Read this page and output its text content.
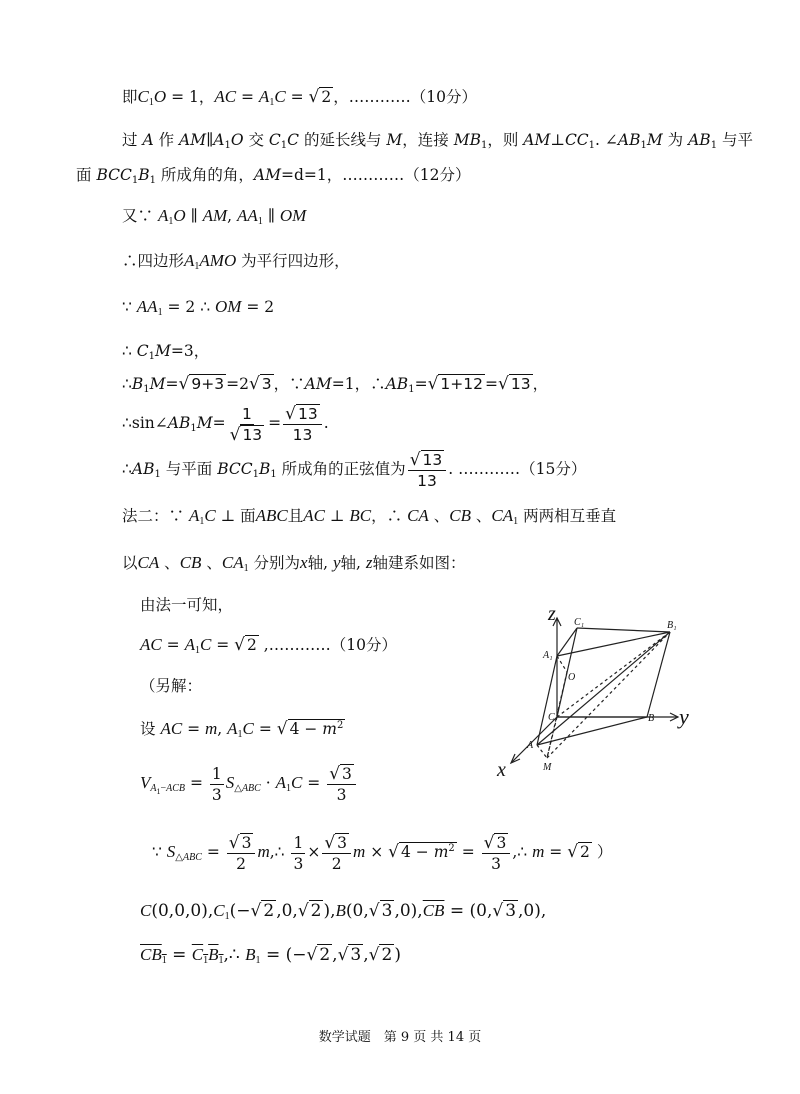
即$C_1O = 1$，AC = $A_1C$ = √ 2 ，…………（10分）
过 A 作 $AM\parallel A_1O$ 交 $C_1C$ 的延长线与 M，连接 $MB_1$，则 $AM\perp CC_1$. $\angle AB_1M$ 为 $AB_1$ 与平
面 $BCC_1B_1$ 所成角的角，AM=d=1，…………（12分）
又∵ $A_1O$ ∥ AM, $AA_1$ ∥ OM
∴四边形$A_1AMO$ 为平行四边形，
∵ $AA_1 = 2$ ∴ OM = 2
∴ $C_1M=3$，
$\therefore B_1M=√$ 9+3 =2√ 3 ，∵AM=1，$\therefore AB_1=√$ 1+12 =√ 13 ，
$\therefore\sin\angle AB_1M= \frac{1}{√ 13} = \frac{√ 13}{13}$ .
$\therefore AB_1$ 与平面 $BCC_1B_1$ 所成角的正弦值为 $\frac{√ 13}{13}$ . …………（15分）
法二：∵ $A_1C$ ⊥ 面ABC且AC ⊥ BC，∴ CA 、CB 、$CA_1$ 两两相互垂直
以CA 、CB 、$CA_1$ 分别为x轴, y轴, z轴建系如图：
由法一可知，
AC = $A_1C$ = √ 2 ,…………（10分）
（另解：
设 AC = m, $A_1C$ = √ $4 - m^2$
$V_{A_1-ACB} = \frac{1}{3} S_{\triangle ABC} \cdot A_1C = \frac{√ 3}{3}$
∵ $S_{\triangle ABC} = \frac{√ 3}{2}$ m,∴ $\frac{1}{3} \times \frac{√ 3}{2}$ m × √ $4 - m^2 = \frac{√ 3}{3}$ ,∴ m = √ 2 ）
$C(0,0,0),C_1(-√$ 2 ,0,√ 2 ),B(0,√ 3 $,0),\overline{CB} = (0,√$ 3 ,0),
$CB_1$ = $C_1B_1,\therefore$ $B_1$ = (−√ 2 ,√ 3 ,√ 2 )
z
y
x
C₁	B₁
A₁
O
C	B
A
M
数学试题　第 9 页 共 14 页
